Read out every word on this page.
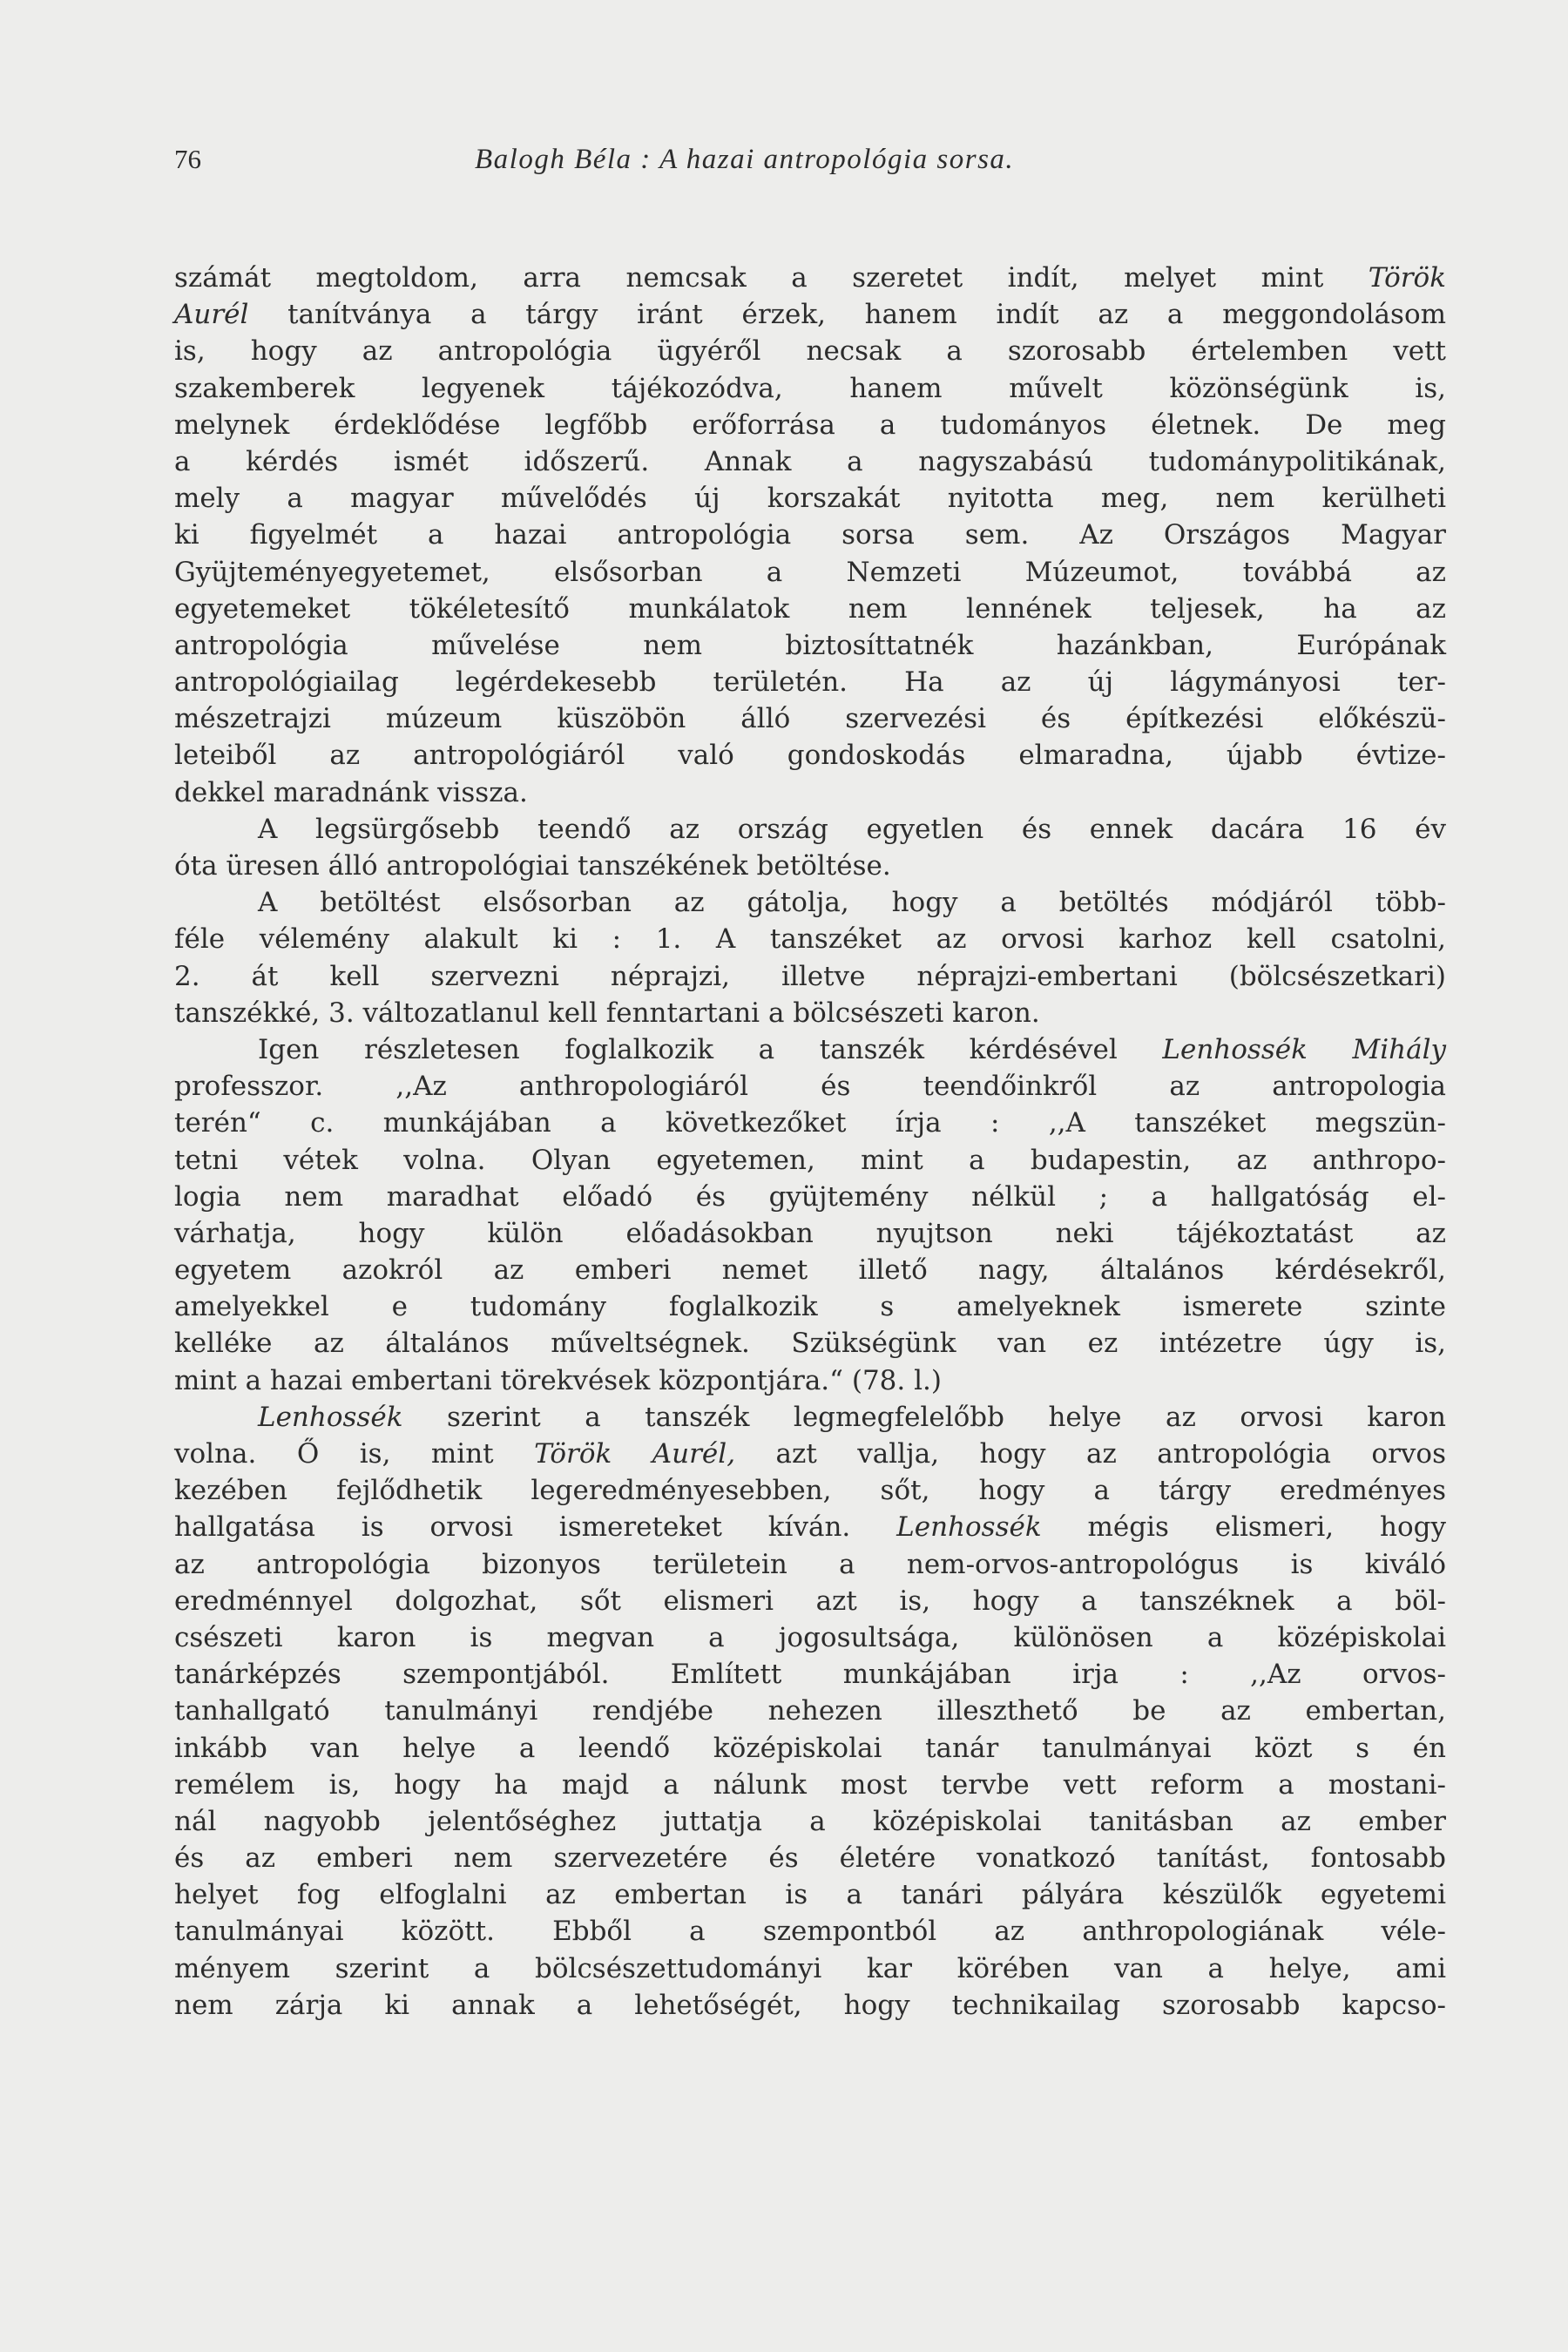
76	Balogh Béla : A hazai antropológia sorsa.
számát megtoldom, arra nemcsak a szeretet indít, melyet mint Török
Aurél tanítványa a tárgy iránt érzek, hanem indít az a meggondolásom
is, hogy az antropológia ügyéről necsak a szorosabb értelemben vett
szakemberek legyenek tájékozódva, hanem művelt közönségünk is,
melynek érdeklődése legfőbb erőforrása a tudományos életnek. De meg
a kérdés ismét időszerű. Annak a nagyszabású tudománypolitikának,
mely a magyar művelődés új korszakát nyitotta meg, nem kerülheti
ki figyelmét a hazai antropológia sorsa sem. Az Országos Magyar
Gyüjteményegyetemet, elsősorban a Nemzeti Múzeumot, továbbá az
egyetemeket tökéletesítő munkálatok nem lennének teljesek, ha az
antropológia művelése nem biztosíttatnék hazánkban, Európának
antropológiailag legérdekesebb területén. Ha az új lágymányosi ter-
mészetrajzi múzeum küszöbön álló szervezési és építkezési előkészü-
leteiből az antropológiáról való gondoskodás elmaradna, újabb évtize-
dekkel maradnánk vissza.
A legsürgősebb teendő az ország egyetlen és ennek dacára 16 év
óta üresen álló antropológiai tanszékének betöltése.
A betöltést elsősorban az gátolja, hogy a betöltés módjáról több-
féle vélemény alakult ki : 1. A tanszéket az orvosi karhoz kell csatolni,
2. át kell szervezni néprajzi, illetve néprajzi-embertani (bölcsészetkari)
tanszékké, 3. változatlanul kell fenntartani a bölcsészeti karon.
Igen részletesen foglalkozik a tanszék kérdésével Lenhossék Mihály
professzor. ,,Az anthropologiáról és teendőinkről az antropologia
terén“ c. munkájában a következőket írja : ,,A tanszéket megszün-
tetni vétek volna. Olyan egyetemen, mint a budapestin, az anthropo-
logia nem maradhat előadó és gyüjtemény nélkül ; a hallgatóság el-
várhatja, hogy külön előadásokban nyujtson neki tájékoztatást az
egyetem azokról az emberi nemet illető nagy, általános kérdésekről,
amelyekkel e tudomány foglalkozik s amelyeknek ismerete szinte
kelléke az általános műveltségnek. Szükségünk van ez intézetre úgy is,
mint a hazai embertani törekvések központjára.“ (78. l.)
Lenhossék szerint a tanszék legmegfelelőbb helye az orvosi karon
volna. Ő is, mint Török Aurél, azt vallja, hogy az antropológia orvos
kezében fejlődhetik legeredményesebben, sőt, hogy a tárgy eredményes
hallgatása is orvosi ismereteket kíván. Lenhossék mégis elismeri, hogy
az antropológia bizonyos területein a nem-orvos-antropológus is kiváló
eredménnyel dolgozhat, sőt elismeri azt is, hogy a tanszéknek a böl-
csészeti karon is megvan a jogosultsága, különösen a középiskolai
tanárképzés szempontjából. Említett munkájában irja : ,,Az orvos-
tanhallgató tanulmányi rendjébe nehezen illeszthető be az embertan,
inkább van helye a leendő középiskolai tanár tanulmányai közt s én
remélem is, hogy ha majd a nálunk most tervbe vett reform a mostani-
nál nagyobb jelentőséghez juttatja a középiskolai tanitásban az ember
és az emberi nem szervezetére és életére vonatkozó tanítást, fontosabb
helyet fog elfoglalni az embertan is a tanári pályára készülők egyetemi
tanulmányai között. Ebből a szempontból az anthropologiának véle-
ményem szerint a bölcsészettudományi kar körében van a helye, ami
nem zárja ki annak a lehetőségét, hogy technikailag szorosabb kapcso-
